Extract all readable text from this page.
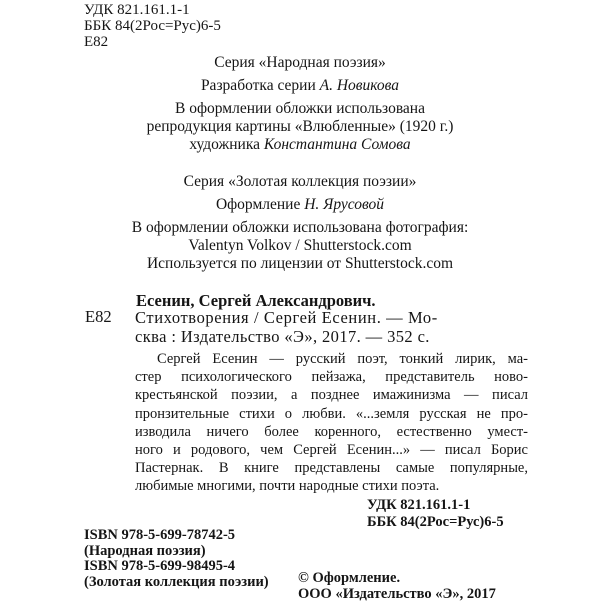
УДК 821.161.1-1
ББК 84(2Рос=Рус)6-5
Е82
Серия «Народная поэзия»
Разработка серии А. Новикова
В оформлении обложки использована
репродукция картины «Влюбленные» (1920 г.)
художника Константина Сомова
Серия «Золотая коллекция поэзии»
Оформление Н. Ярусовой
В оформлении обложки использована фотография:
Valentyn Volkov / Shutterstock.com
Используется по лицензии от Shutterstock.com
Есенин, Сергей Александрович.
Е82 Стихотворения / Сергей Есенин. — Мо-
сква : Издательство «Э», 2017. — 352 с.
Сергей Есенин — русский поэт, тонкий лирик, ма-
стер психологического пейзажа, представитель ново-
крестьянской поэзии, а позднее имажинизма — писал
пронзительные стихи о любви. «...земля русская не про-
изводила ничего более коренного, естественно умест-
ного и родового, чем Сергей Есенин...» — писал Борис
Пастернак. В книге представлены самые популярные,
любимые многими, почти народные стихи поэта.
УДК 821.161.1-1
ББК 84(2Рос=Рус)6-5
ISBN 978-5-699-78742-5
(Народная поэзия)
ISBN 978-5-699-98495-4
(Золотая коллекция поэзии) © Оформление.
ООО «Издательство «Э», 2017
